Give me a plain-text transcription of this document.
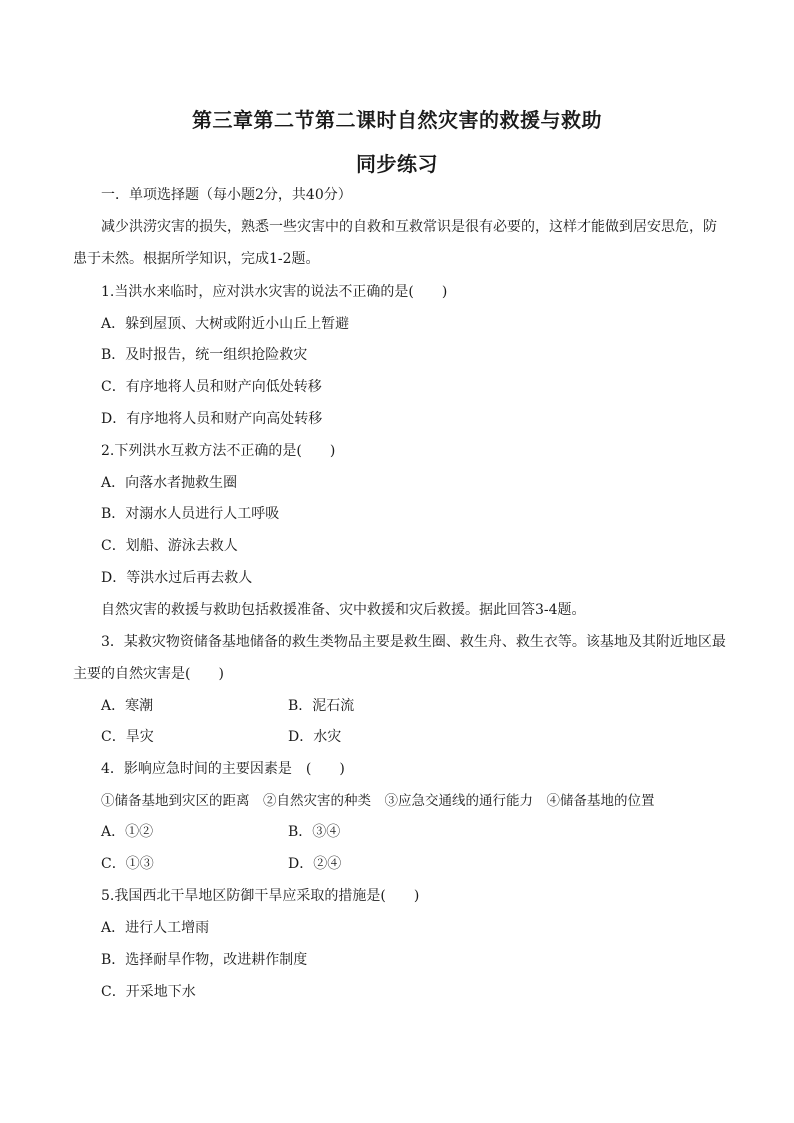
第三章第二节第二课时自然灾害的救援与救助
同步练习
一．单项选择题（每小题2分，共40分）
减少洪涝灾害的损失，熟悉一些灾害中的自救和互救常识是很有必要的，这样才能做到居安思危，防
患于未然。根据所学知识，完成1-2题。
1.当洪水来临时，应对洪水灾害的说法不正确的是(　　)
A．躲到屋顶、大树或附近小山丘上暂避
B．及时报告，统一组织抢险救灾
C．有序地将人员和财产向低处转移
D．有序地将人员和财产向高处转移
2.下列洪水互救方法不正确的是(　　)
A．向落水者抛救生圈
B．对溺水人员进行人工呼吸
C．划船、游泳去救人
D．等洪水过后再去救人
自然灾害的救援与救助包括救援准备、灾中救援和灾后救援。据此回答3-4题。
3．某救灾物资储备基地储备的救生类物品主要是救生圈、救生舟、救生衣等。该基地及其附近地区最
主要的自然灾害是(　　)
A．寒潮	B．泥石流
C．旱灾	D．水灾
4．影响应急时间的主要因素是　(　　)
①储备基地到灾区的距离　②自然灾害的种类　③应急交通线的通行能力　④储备基地的位置
A．①②	B．③④
C．①③	D．②④
5.我国西北干旱地区防御干旱应采取的措施是(　　)
A．进行人工增雨
B．选择耐旱作物，改进耕作制度
C．开采地下水
